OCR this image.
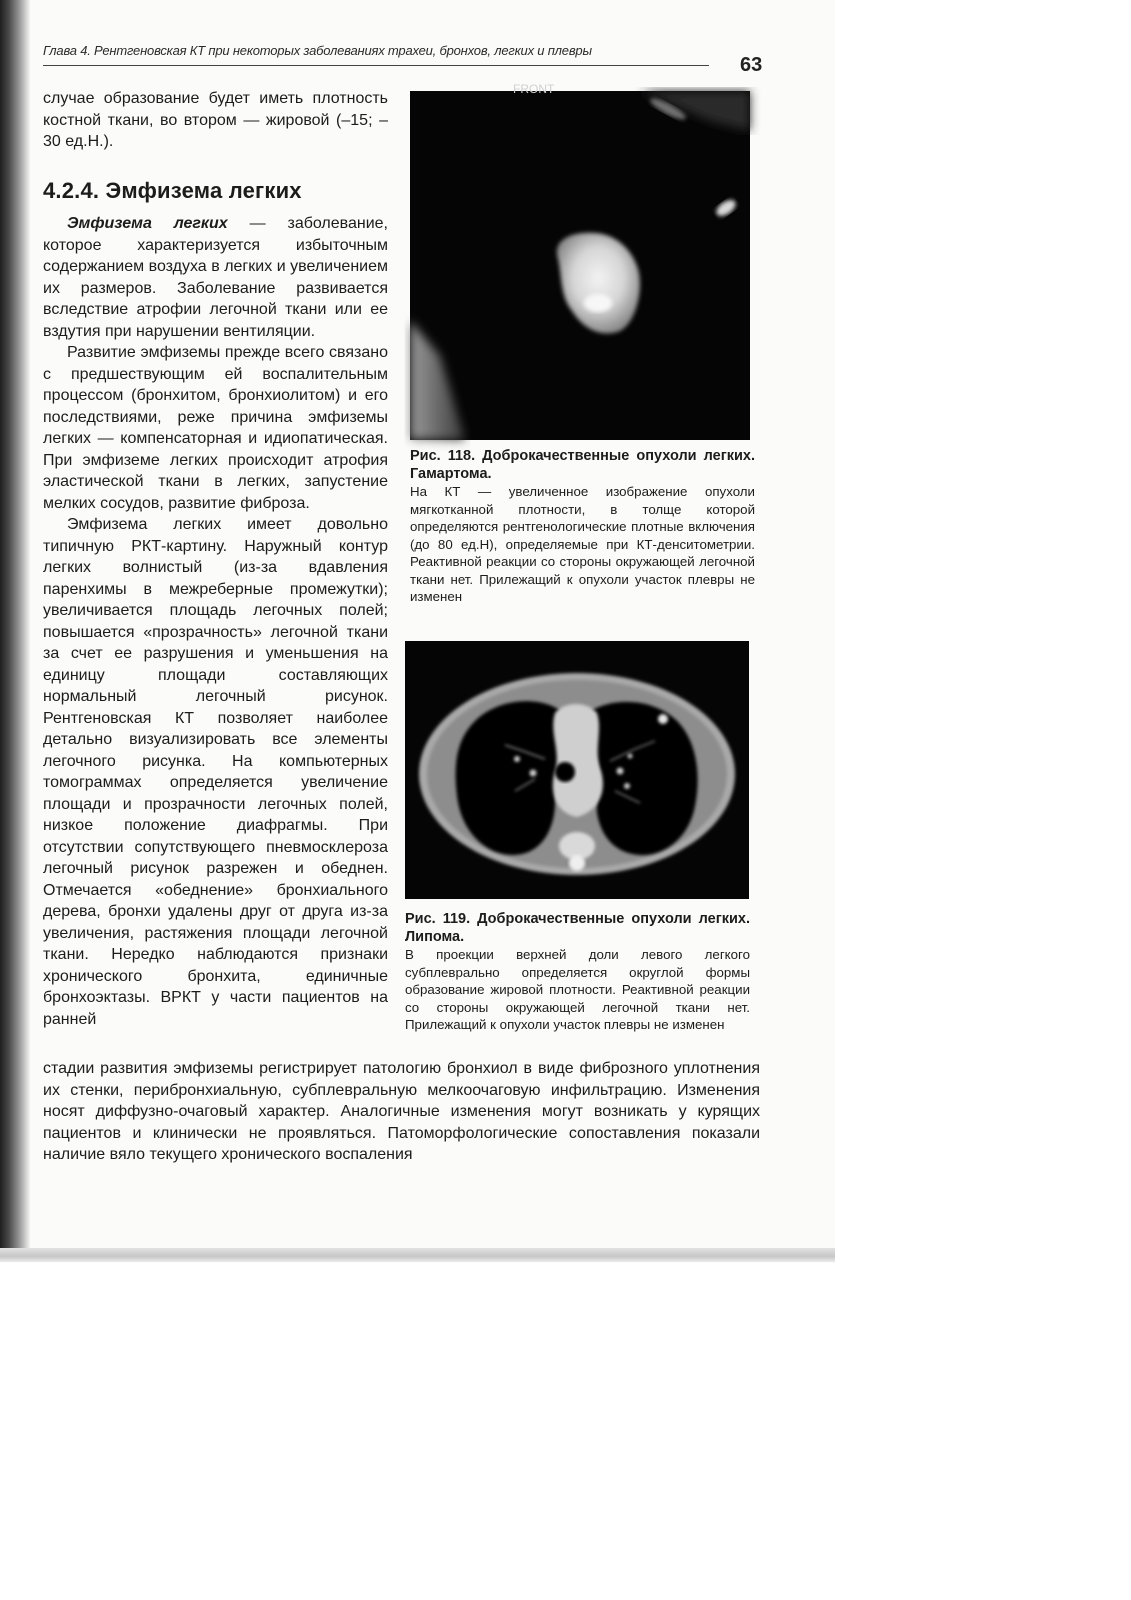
Глава 4. Рентгеновская КТ при некоторых заболеваниях трахеи, бронхов, легких и плевры
63

случае образование будет иметь плотность костной ткани, во втором — жировой (–15; –30 ед.Н.).

4.2.4. Эмфизема легких

Эмфизема легких — заболевание, которое характеризуется избыточным содержанием воздуха в легких и увеличением их размеров. Заболевание развивается вследствие атрофии легочной ткани или ее вздутия при нарушении вентиляции.

Развитие эмфиземы прежде всего связано с предшествующим ей воспалительным процессом (бронхитом, бронхиолитом) и его последствиями, реже причина эмфиземы легких — компенсаторная и идиопатическая. При эмфиземе легких происходит атрофия эластической ткани в легких, запустение мелких сосудов, развитие фиброза.

Эмфизема легких имеет довольно типичную РКТ-картину. Наружный контур легких волнистый (из-за вдавления паренхимы в межреберные промежутки); увеличивается площадь легочных полей; повышается «прозрачность» легочной ткани за счет ее разрушения и уменьшения на единицу площади составляющих нормальный легочный рисунок. Рентгеновская КТ позволяет наиболее детально визуализировать все элементы легочного рисунка. На компьютерных томограммах определяется увеличение площади и прозрачности легочных полей, низкое положение диафрагмы. При отсутствии сопутствующего пневмосклероза легочный рисунок разрежен и обеднен. Отмечается «обеднение» бронхиального дерева, бронхи удалены друг от друга из-за увеличения, растяжения площади легочной ткани. Нередко наблюдаются признаки хронического бронхита, единичные бронхоэктазы. ВРКТ у части пациентов на ранней

FRONT
Рис. 118. Доброкачественные опухоли легких. Гамартома.
На КТ — увеличенное изображение опухоли мягкотканной плотности, в толще которой определяются рентгенологические плотные включения (до 80 ед.Н), определяемые при КТ-денситометрии. Реактивной реакции со стороны окружающей легочной ткани нет. Прилежащий к опухоли участок плевры не изменен
Рис. 119. Доброкачественные опухоли легких. Липома.
В проекции верхней доли левого легкого субплеврально определяется округлой формы образование жировой плотности. Реактивной реакции со стороны окружающей легочной ткани нет. Прилежащий к опухоли участок плевры не изменен

стадии развития эмфиземы регистрирует патологию бронхиол в виде фиброзного уплотнения их стенки, перибронхиальную, субплевральную мелкоочаговую инфильтрацию. Изменения носят диффузно-очаговый характер. Аналогичные изменения могут возникать у курящих пациентов и клинически не проявляться. Патоморфологические сопоставления показали наличие вяло текущего хронического воспаления
